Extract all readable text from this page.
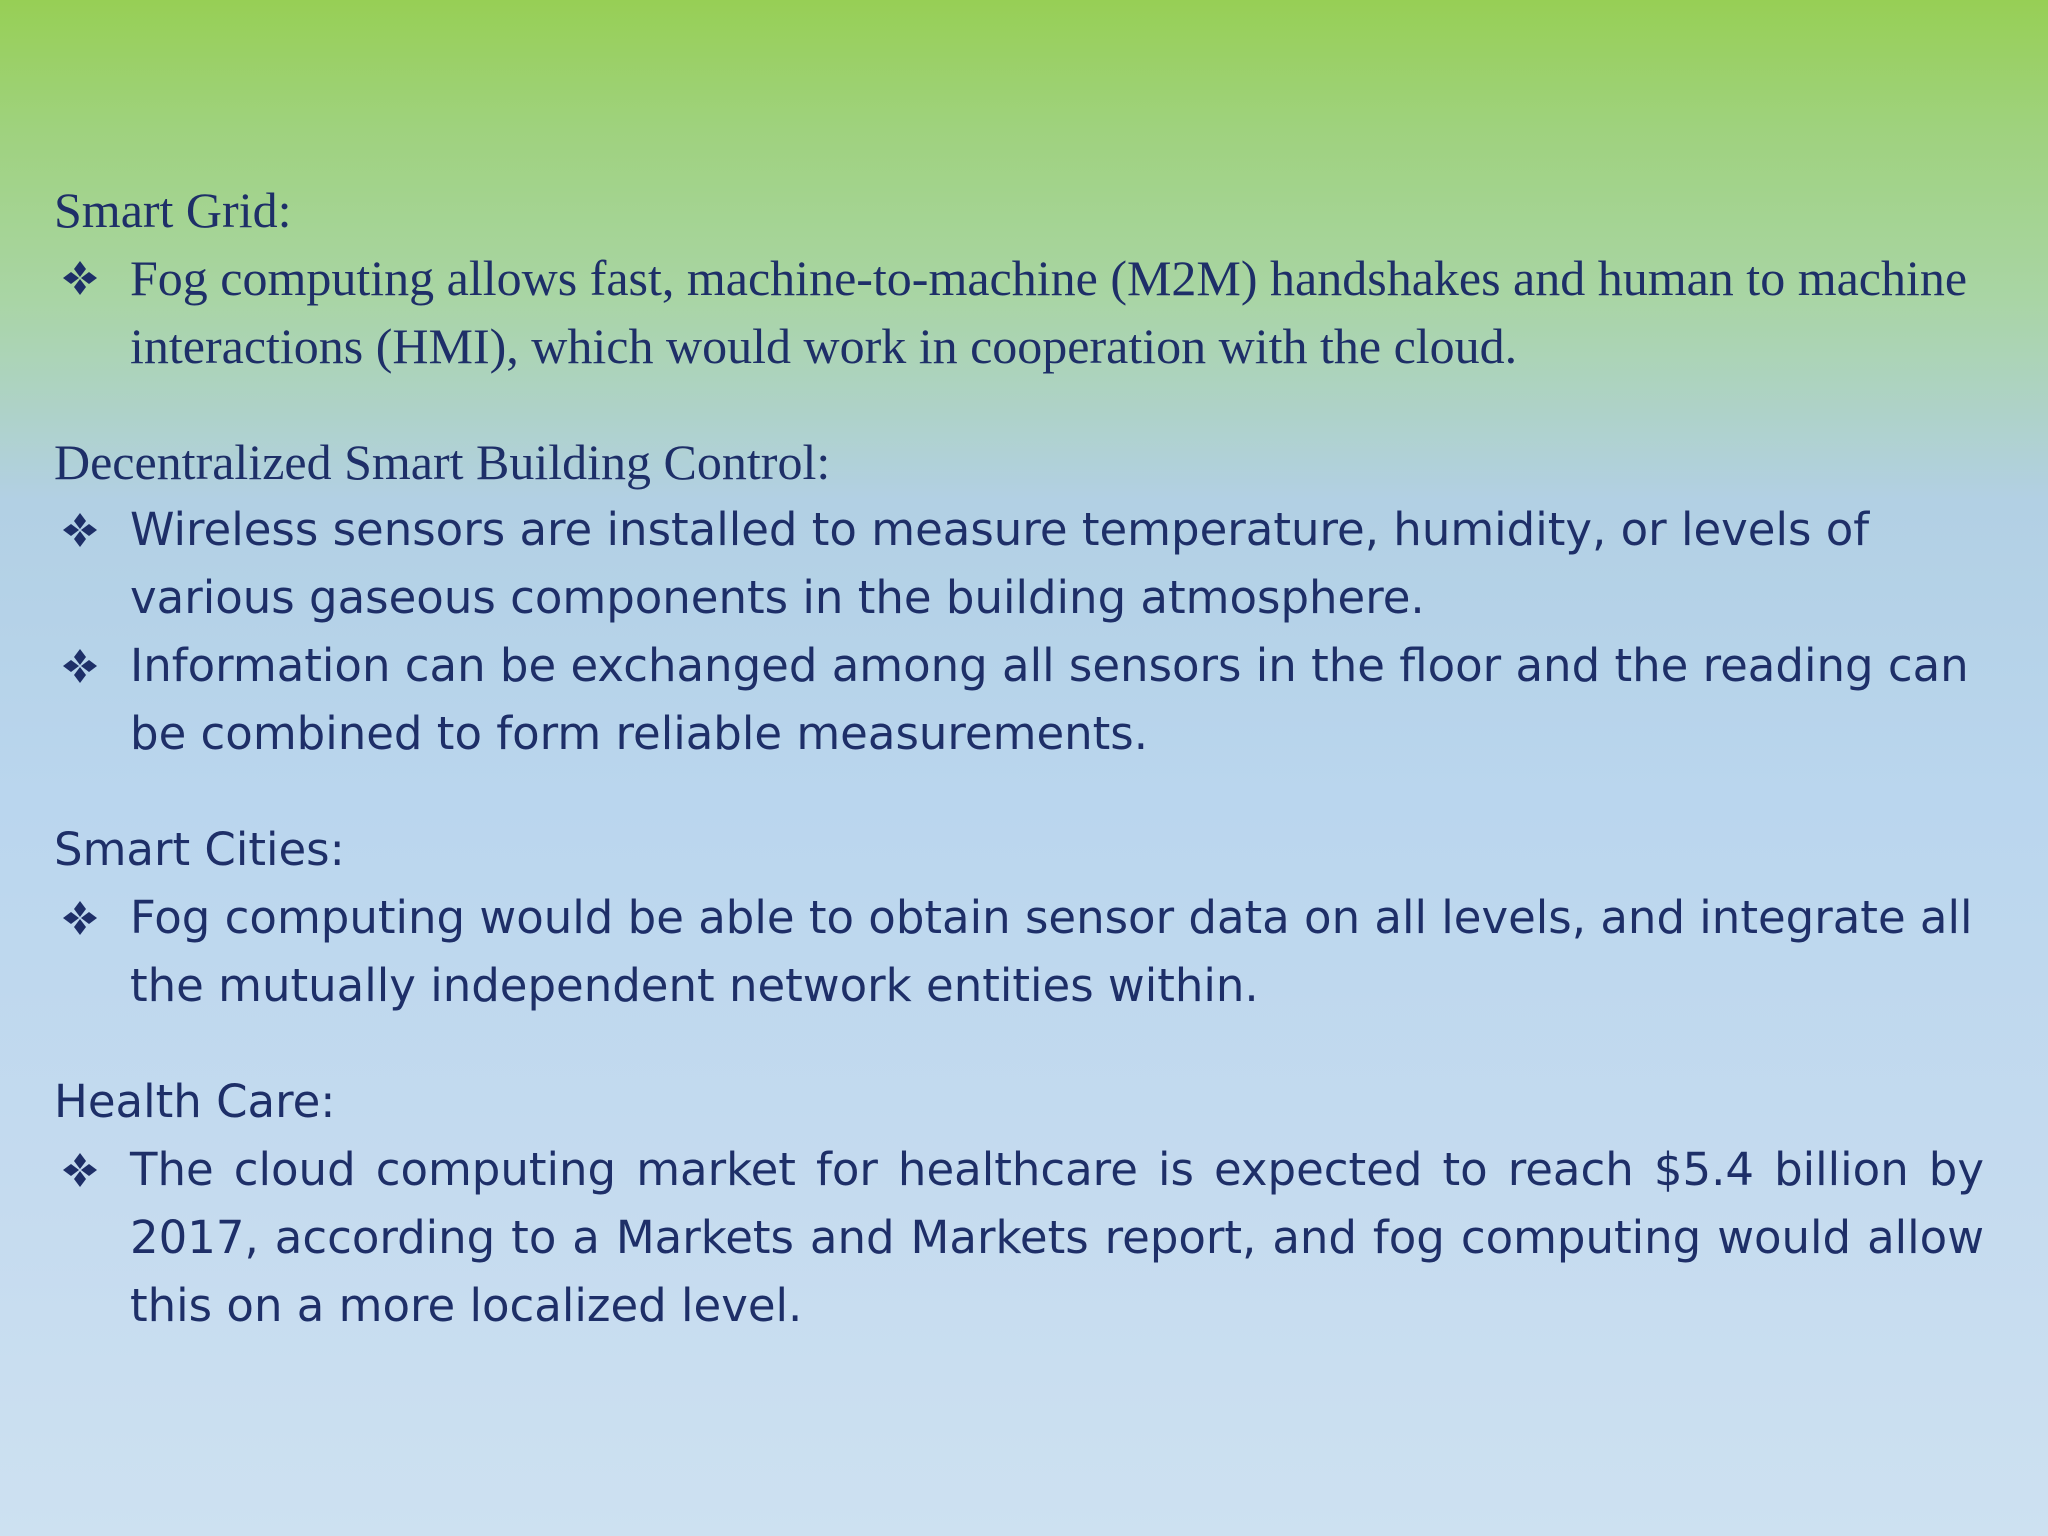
Smart Grid:
Fog computing allows fast, machine-to-machine (M2M) handshakes and human to machine interactions (HMI), which would work in cooperation with the cloud.
Decentralized Smart Building Control:
Wireless sensors are installed to measure temperature, humidity, or levels of various gaseous components in the building atmosphere.
Information can be exchanged among all sensors in the floor and the reading can be combined to form reliable measurements.
Smart Cities:
Fog computing would be able to obtain sensor data on all levels, and integrate all the mutually independent network entities within.
Health Care:
The cloud computing market for healthcare is expected to reach $5.4 billion by 2017, according to a Markets and Markets report, and fog computing would allow this on a more localized level.
